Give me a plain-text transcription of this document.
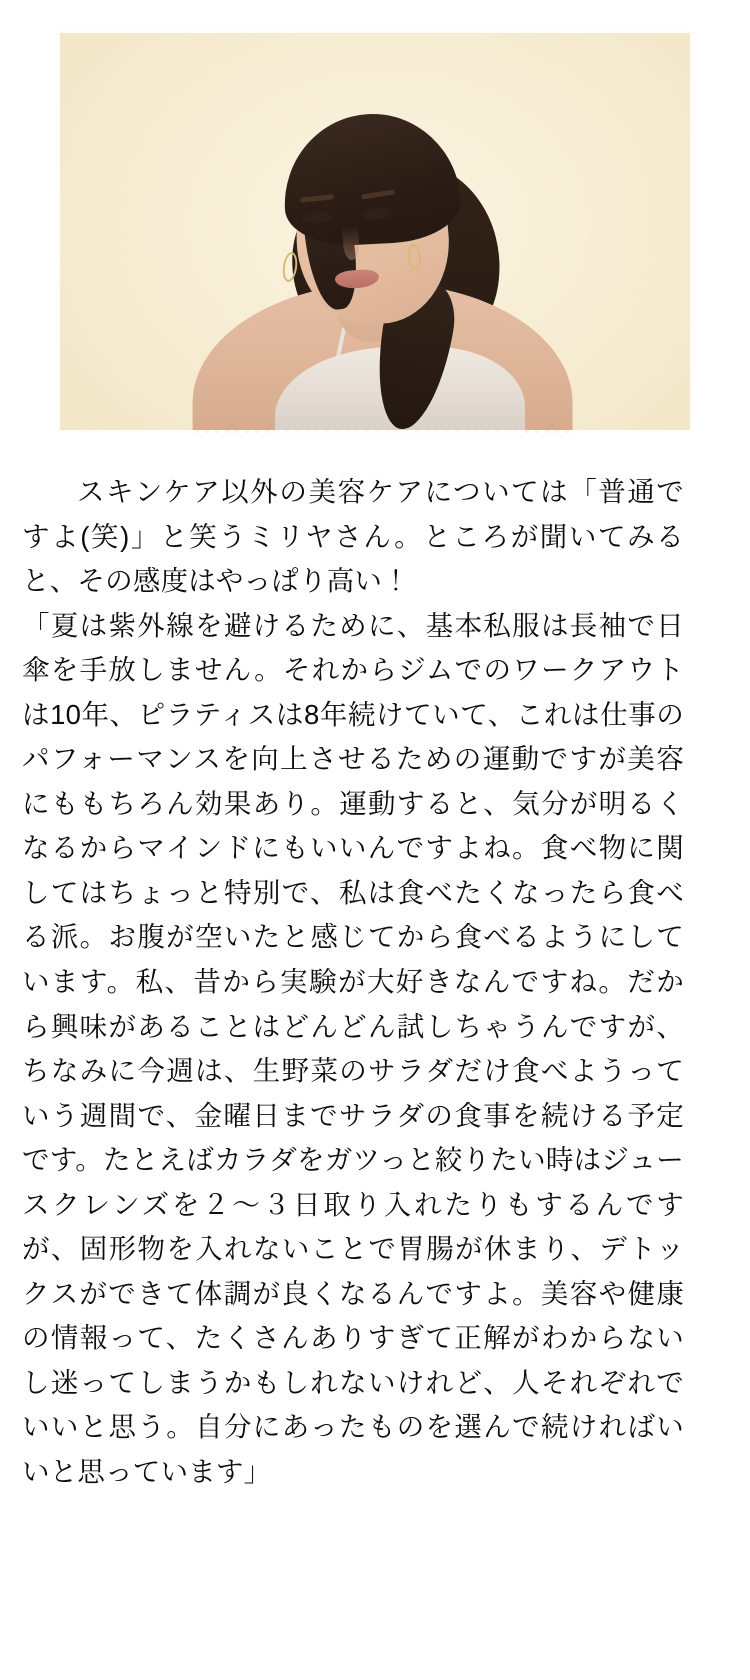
スキンケア以外の美容ケアについては「普通ですよ(笑)」と笑うミリヤさん。ところが聞いてみると、その感度はやっぱり高い！

「夏は紫外線を避けるために、基本私服は長袖で日傘を手放しません。それからジムでのワークアウトは10年、ピラティスは8年続けていて、これは仕事のパフォーマンスを向上させるための運動ですが美容にももちろん効果あり。運動すると、気分が明るくなるからマインドにもいいんですよね。食べ物に関してはちょっと特別で、私は食べたくなったら食べる派。お腹が空いたと感じてから食べるようにしています。私、昔から実験が大好きなんですね。だから興味があることはどんどん試しちゃうんですが、ちなみに今週は、生野菜のサラダだけ食べようっていう週間で、金曜日までサラダの食事を続ける予定です。たとえばカラダをガツっと絞りたい時はジュースクレンズを２〜３日取り入れたりもするんですが、固形物を入れないことで胃腸が休まり、デトックスができて体調が良くなるんですよ。美容や健康の情報って、たくさんありすぎて正解がわからないし迷ってしまうかもしれないけれど、人それぞれでいいと思う。自分にあったものを選んで続ければいいと思っています」
